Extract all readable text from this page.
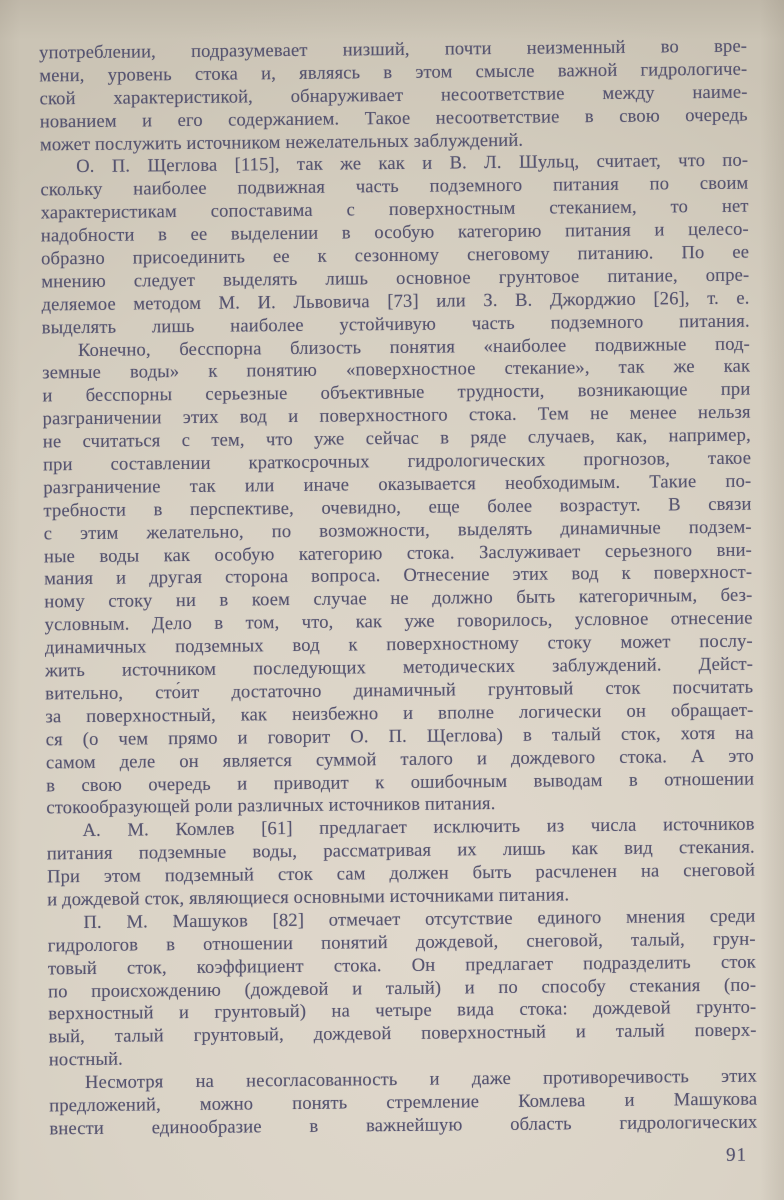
употреблении, подразумевает низший, почти неизменный во вре-
мени, уровень стока и, являясь в этом смысле важной гидрологиче-
ской характеристикой, обнаруживает несоответствие между наиме-
нованием и его содержанием. Такое несоответствие в свою очередь
может послужить источником нежелательных заблуждений.
О. П. Щеглова [115], так же как и В. Л. Шульц, считает, что по-
скольку наиболее подвижная часть подземного питания по своим
характеристикам сопоставима с поверхностным стеканием, то нет
надобности в ее выделении в особую категорию питания и целесо-
образно присоединить ее к сезонному снеговому питанию. По ее
мнению следует выделять лишь основное грунтовое питание, опре-
деляемое методом М. И. Львовича [73] или З. В. Джорджио [26], т. е.
выделять лишь наиболее устойчивую часть подземного питания.
Конечно, бесспорна близость понятия «наиболее подвижные под-
земные воды» к понятию «поверхностное стекание», так же как
и бесспорны серьезные объективные трудности, возникающие при
разграничении этих вод и поверхностного стока. Тем не менее нельзя
не считаться с тем, что уже сейчас в ряде случаев, как, например,
при составлении краткосрочных гидрологических прогнозов, такое
разграничение так или иначе оказывается необходимым. Такие по-
требности в перспективе, очевидно, еще более возрастут. В связи
с этим желательно, по возможности, выделять динамичные подзем-
ные воды как особую категорию стока. Заслуживает серьезного вни-
мания и другая сторона вопроса. Отнесение этих вод к поверхност-
ному стоку ни в коем случае не должно быть категоричным, без-
условным. Дело в том, что, как уже говорилось, условное отнесение
динамичных подземных вод к поверхностному стоку может послу-
жить источником последующих методических заблуждений. Дейст-
вительно, сто́ит достаточно динамичный грунтовый сток посчитать
за поверхностный, как неизбежно и вполне логически он обращает-
ся (о чем прямо и говорит О. П. Щеглова) в талый сток, хотя на
самом деле он является суммой талого и дождевого стока. А это
в свою очередь и приводит к ошибочным выводам в отношении
стокообразующей роли различных источников питания.
А. М. Комлев [61] предлагает исключить из числа источников
питания подземные воды, рассматривая их лишь как вид стекания.
При этом подземный сток сам должен быть расчленен на снеговой
и дождевой сток, являющиеся основными источниками питания.
П. М. Машуков [82] отмечает отсутствие единого мнения среди
гидрологов в отношении понятий дождевой, снеговой, талый, грун-
товый сток, коэффициент стока. Он предлагает подразделить сток
по происхождению (дождевой и талый) и по способу стекания (по-
верхностный и грунтовый) на четыре вида стока: дождевой грунто-
вый, талый грунтовый, дождевой поверхностный и талый поверх-
ностный.
Несмотря на несогласованность и даже противоречивость этих
предложений, можно понять стремление Комлева и Машукова
внести единообразие в важнейшую область гидрологических
91
